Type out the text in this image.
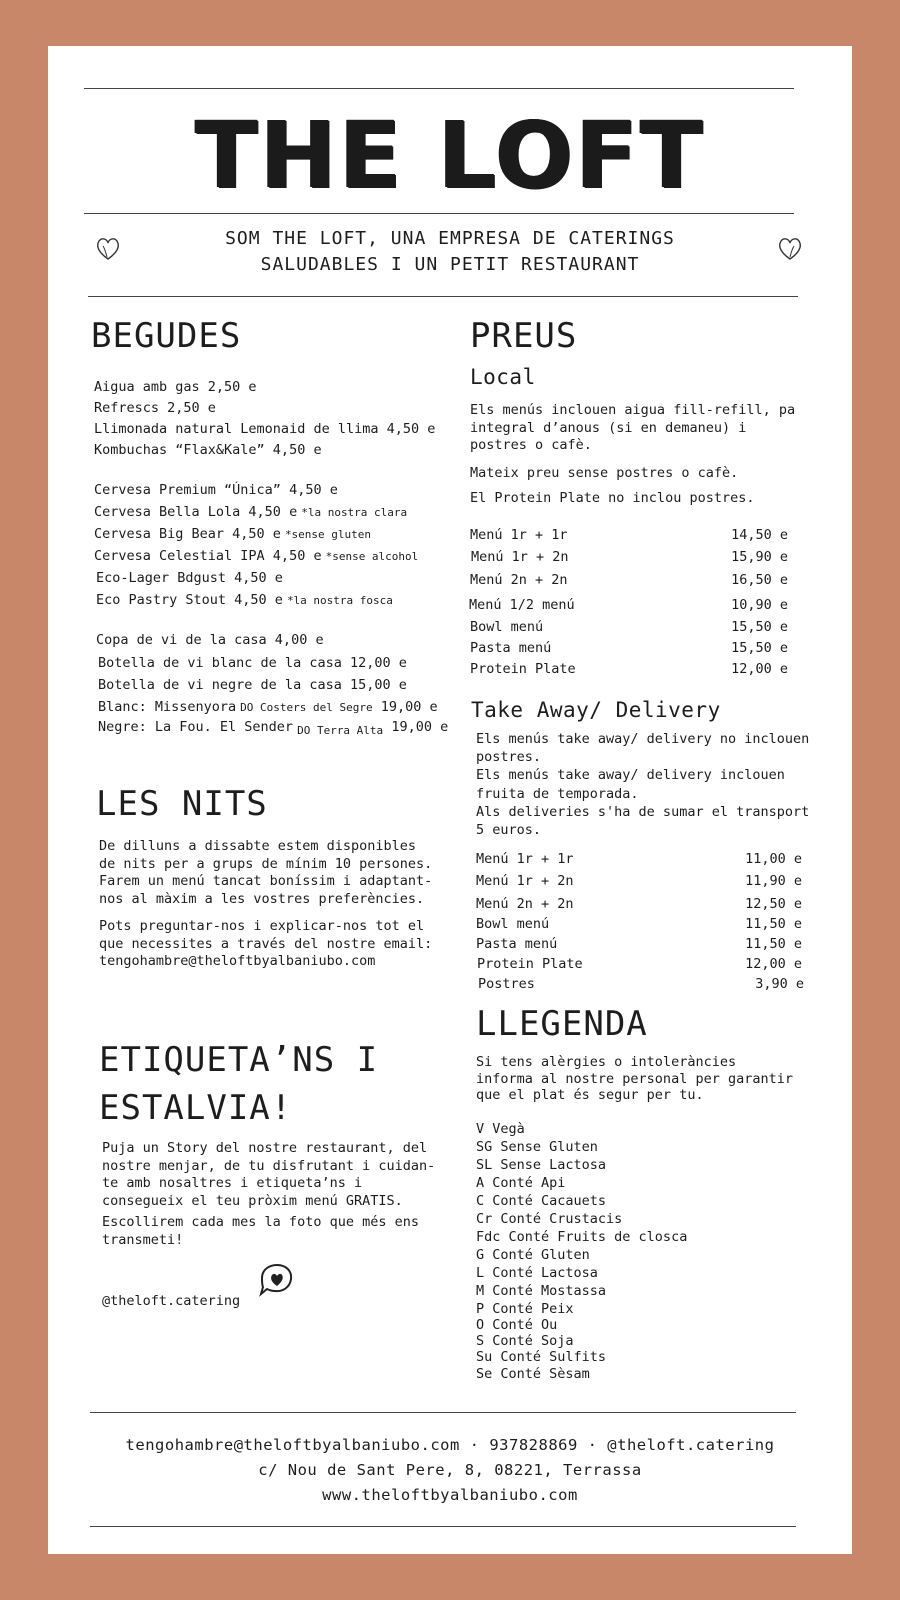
THE LOFT
SOM THE LOFT, UNA EMPRESA DE CATERINGS
SALUDABLES I UN PETIT RESTAURANT
BEGUDES
Aigua amb gas 2,50 e
Refrescs 2,50 e
Llimonada natural Lemonaid de llima 4,50 e
Kombuchas “Flax&Kale” 4,50 e
Cervesa Premium “Única” 4,50 e
Cervesa Bella Lola 4,50 e *la nostra clara
Cervesa Big Bear 4,50 e *sense gluten
Cervesa Celestial IPA 4,50 e *sense alcohol
Eco-Lager Bdgust 4,50 e
Eco Pastry Stout 4,50 e *la nostra fosca
Copa de vi de la casa 4,00 e
Botella de vi blanc de la casa 12,00 e
Botella de vi negre de la casa 15,00 e
Blanc: Missenyora DO Costers del Segre 19,00 e
Negre: La Fou. El Sender $_{DO Terra Alta}$ 19,00 e
LES NITS
De dilluns a dissabte estem disponibles
de nits per a grups de mínim 10 persones.
Farem un menú tancat boníssim i adaptant-
nos al màxim a les vostres preferències.
Pots preguntar-nos i explicar-nos tot el
que necessites a través del nostre email:
tengohambre@theloftbyalbaniubo.com
ETIQUETA’NS I
ESTALVIA!
Puja un Story del nostre restaurant, del
nostre menjar, de tu disfrutant i cuidan-
te amb nosaltres i etiqueta’ns i
consegueix el teu pròxim menú GRATIS.
Escollirem cada mes la foto que més ens
transmeti!
@theloft.catering
PREUS
Local
Els menús inclouen aigua fill-refill, pa
integral d’anous (si en demaneu) i
postres o cafè.
Mateix preu sense postres o cafè.
El Protein Plate no inclou postres.
Menú 1r + 1r	14,50 e
Menú 1r + 2n	15,90 e
Menú 2n + 2n	16,50 e
Menú 1/2 menú	10,90 e
Bowl menú	15,50 e
Pasta menú	15,50 e
Protein Plate	12,00 e
Take Away/ Delivery
Els menús take away/ delivery no inclouen
postres.
Els menús take away/ delivery inclouen
fruita de temporada.
Als deliveries s'ha de sumar el transport
5 euros.
Menú 1r + 1r	11,00 e
Menú 1r + 2n	11,90 e
Menú 2n + 2n	12,50 e
Bowl menú	11,50 e
Pasta menú	11,50 e
Protein Plate	12,00 e
Postres	3,90 e
LLEGENDA
Si tens alèrgies o intoleràncies
informa al nostre personal per garantir
que el plat és segur per tu.
V Vegà
SG Sense Gluten
SL Sense Lactosa
A Conté Api
C Conté Cacauets
Cr Conté Crustacis
Fdc Conté Fruits de closca
G Conté Gluten
L Conté Lactosa
M Conté Mostassa
P Conté Peix
O Conté Ou
S Conté Soja
Su Conté Sulfits
Se Conté Sèsam
tengohambre@theloftbyalbaniubo.com · 937828869 · @theloft.catering
c/ Nou de Sant Pere, 8, 08221, Terrassa
www.theloftbyalbaniubo.com
